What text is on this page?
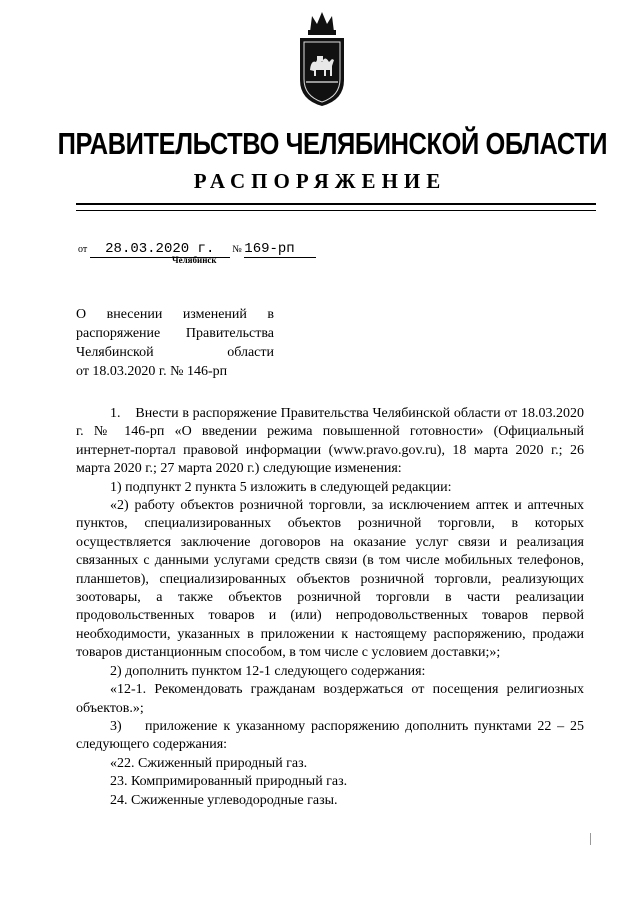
ПРАВИТЕЛЬСТВО ЧЕЛЯБИНСКОЙ ОБЛАСТИ
РАСПОРЯЖЕНИЕ
от 28.03.2020 г. № 169-рп
Челябинск
О внесении изменений в
распоряжение Правительства
Челябинской области
от 18.03.2020 г. № 146-рп

1.    Внести в распоряжение Правительства Челябинской области от 18.03.2020 г. № 146-рп «О введении режима повышенной готовности» (Официальный интернет-портал правовой информации (www.pravo.gov.ru), 18 марта 2020 г.; 26 марта 2020 г.; 27 марта 2020 г.) следующие изменения:

1) подпункт 2 пункта 5 изложить в следующей редакции:

«2) работу объектов розничной торговли, за исключением аптек и аптечных пунктов, специализированных объектов розничной торговли, в которых осуществляется заключение договоров на оказание услуг связи и реализация связанных с данными услугами средств связи (в том числе мобильных телефонов, планшетов), специализированных объектов розничной торговли, реализующих зоотовары, а также объектов розничной торговли в части реализации продовольственных товаров и (или) непродовольственных товаров первой необходимости, указанных в приложении к настоящему распоряжению, продажи товаров дистанционным способом, в том числе с условием доставки;»;

2) дополнить пунктом 12-1 следующего содержания:

«12-1. Рекомендовать гражданам воздержаться от посещения религиозных объектов.»;

3)    приложение к указанному распоряжению дополнить пунктами 22 – 25 следующего содержания:

«22. Сжиженный природный газ.

23. Компримированный природный газ.

24. Сжиженные углеводородные газы.
